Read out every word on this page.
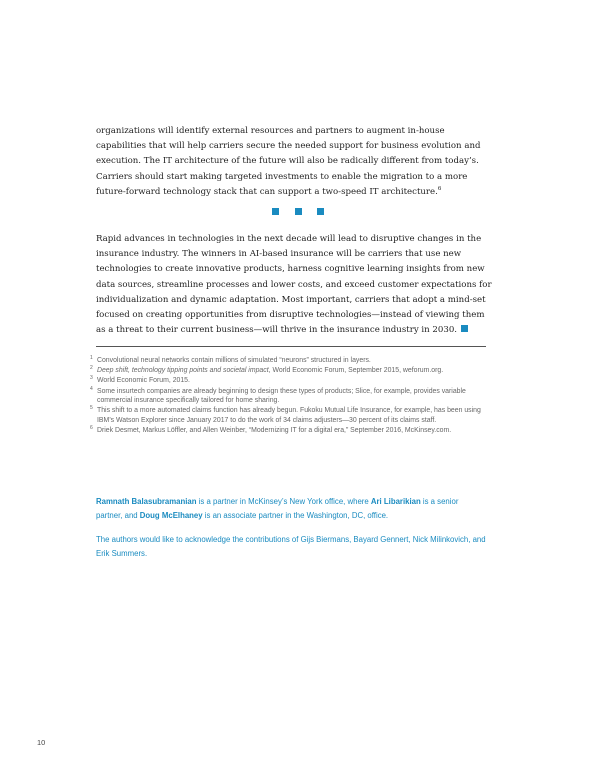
organizations will identify external resources and partners to augment in-house capabilities that will help carriers secure the needed support for business evolution and execution. The IT architecture of the future will also be radically different from today’s. Carriers should start making targeted investments to enable the migration to a more future-forward technology stack that can support a two-speed IT architecture.$^6$

Rapid advances in technologies in the next decade will lead to disruptive changes in the insurance industry. The winners in AI-based insurance will be carriers that use new technologies to create innovative products, harness cognitive learning insights from new data sources, streamline processes and lower costs, and exceed customer expectations for individualization and dynamic adaptation. Most important, carriers that adopt a mind-set focused on creating opportunities from disruptive technologies—instead of viewing them as a threat to their current business—will thrive in the insurance industry in 2030.

1 Convolutional neural networks contain millions of simulated “neurons” structured in layers.
2 Deep shift, technology tipping points and societal impact, World Economic Forum, September 2015, weforum.org.
3 World Economic Forum, 2015.
4 Some insurtech companies are already beginning to design these types of products; Slice, for example, provides variable commercial insurance specifically tailored for home sharing.
5 This shift to a more automated claims function has already begun. Fukoku Mutual Life Insurance, for example, has been using IBM’s Watson Explorer since January 2017 to do the work of 34 claims adjusters—30 percent of its claims staff.
6 Driek Desmet, Markus Löffler, and Allen Weinber, “Modernizing IT for a digital era,” September 2016, McKinsey.com.

Ramnath Balasubramanian is a partner in McKinsey’s New York office, where Ari Libarikian is a senior partner, and Doug McElhaney is an associate partner in the Washington, DC, office.

The authors would like to acknowledge the contributions of Gijs Biermans, Bayard Gennert, Nick Milinkovich, and Erik Summers.

10
